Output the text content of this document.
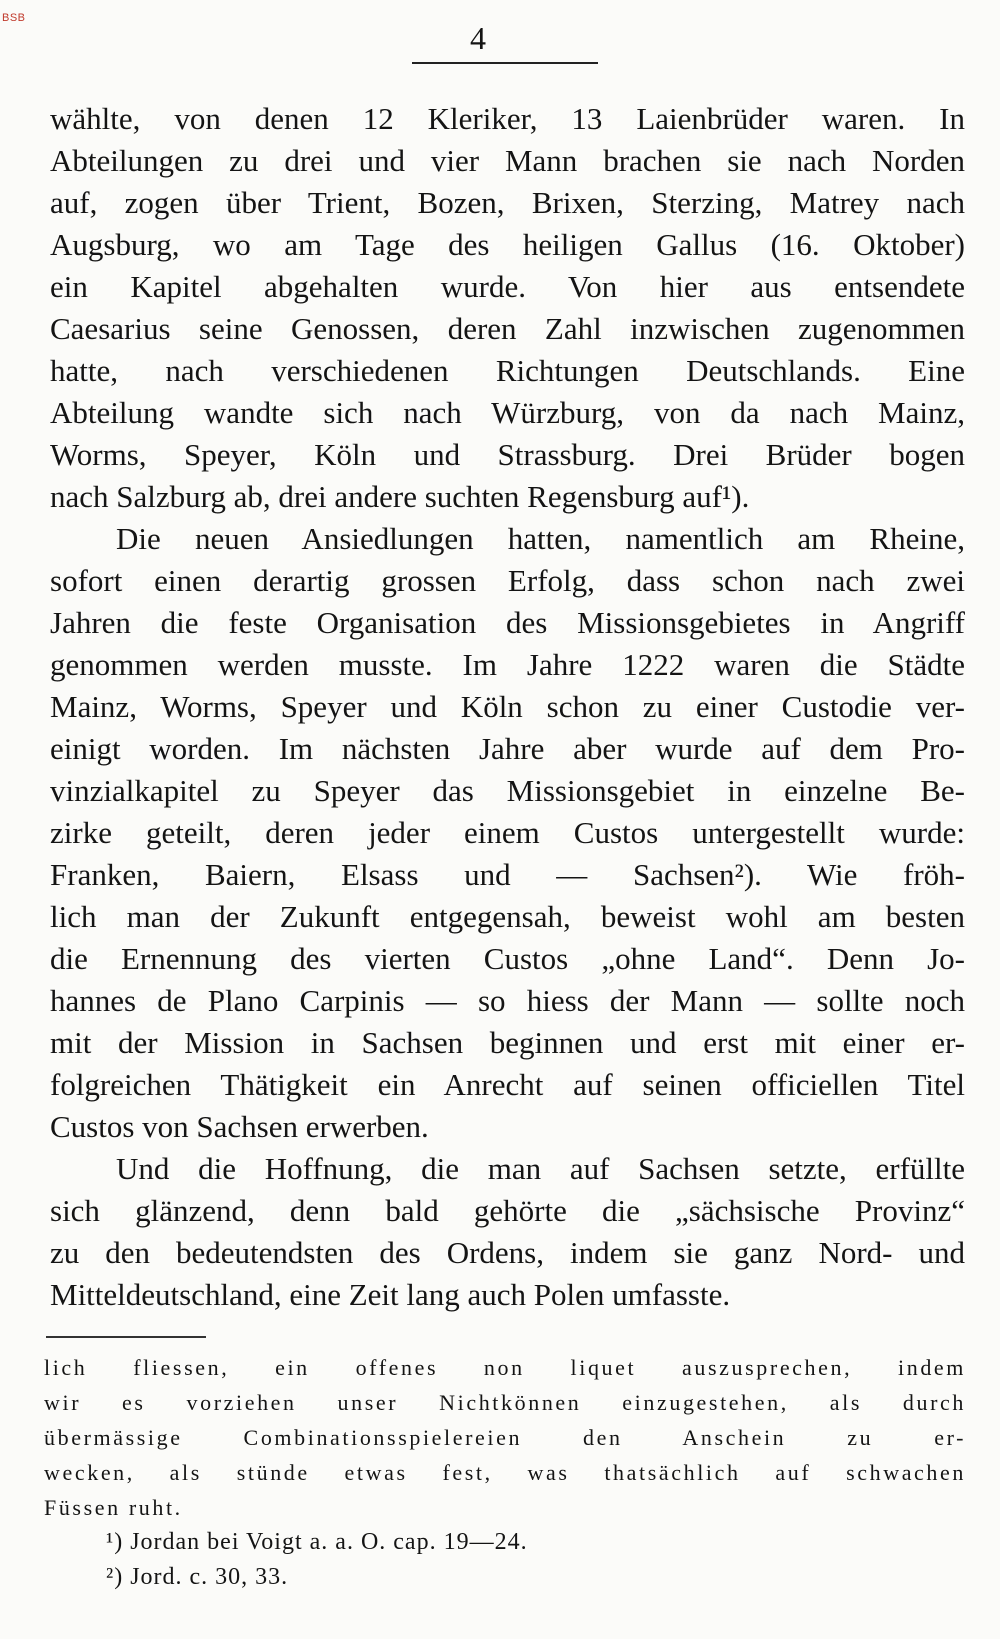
BSB
4
wählte, von denen 12 Kleriker, 13 Laienbrüder waren. In
Abteilungen zu drei und vier Mann brachen sie nach Norden
auf, zogen über Trient, Bozen, Brixen, Sterzing, Matrey nach
Augsburg, wo am Tage des heiligen Gallus (16. Oktober)
ein Kapitel abgehalten wurde. Von hier aus entsendete
Caesarius seine Genossen, deren Zahl inzwischen zugenommen
hatte, nach verschiedenen Richtungen Deutschlands. Eine
Abteilung wandte sich nach Würzburg, von da nach Mainz,
Worms, Speyer, Köln und Strassburg. Drei Brüder bogen
nach Salzburg ab, drei andere suchten Regensburg auf¹).
Die neuen Ansiedlungen hatten, namentlich am Rheine,
sofort einen derartig grossen Erfolg, dass schon nach zwei
Jahren die feste Organisation des Missionsgebietes in Angriff
genommen werden musste. Im Jahre 1222 waren die Städte
Mainz, Worms, Speyer und Köln schon zu einer Custodie ver-
einigt worden. Im nächsten Jahre aber wurde auf dem Pro-
vinzialkapitel zu Speyer das Missionsgebiet in einzelne Be-
zirke geteilt, deren jeder einem Custos untergestellt wurde:
Franken, Baiern, Elsass und — Sachsen²). Wie fröh-
lich man der Zukunft entgegensah, beweist wohl am besten
die Ernennung des vierten Custos „ohne Land“. Denn Jo-
hannes de Plano Carpinis — so hiess der Mann — sollte noch
mit der Mission in Sachsen beginnen und erst mit einer er-
folgreichen Thätigkeit ein Anrecht auf seinen officiellen Titel
Custos von Sachsen erwerben.
Und die Hoffnung, die man auf Sachsen setzte, erfüllte
sich glänzend, denn bald gehörte die „sächsische Provinz“
zu den bedeutendsten des Ordens, indem sie ganz Nord- und
Mitteldeutschland, eine Zeit lang auch Polen umfasste.
lich fliessen, ein offenes non liquet auszusprechen, indem
wir es vorziehen unser Nichtkönnen einzugestehen, als durch
übermässige Combinationsspielereien den Anschein zu er-
wecken, als stünde etwas fest, was thatsächlich auf schwachen
Füssen ruht.
¹) Jordan bei Voigt a. a. O. cap. 19—24.
²) Jord. c. 30, 33.
